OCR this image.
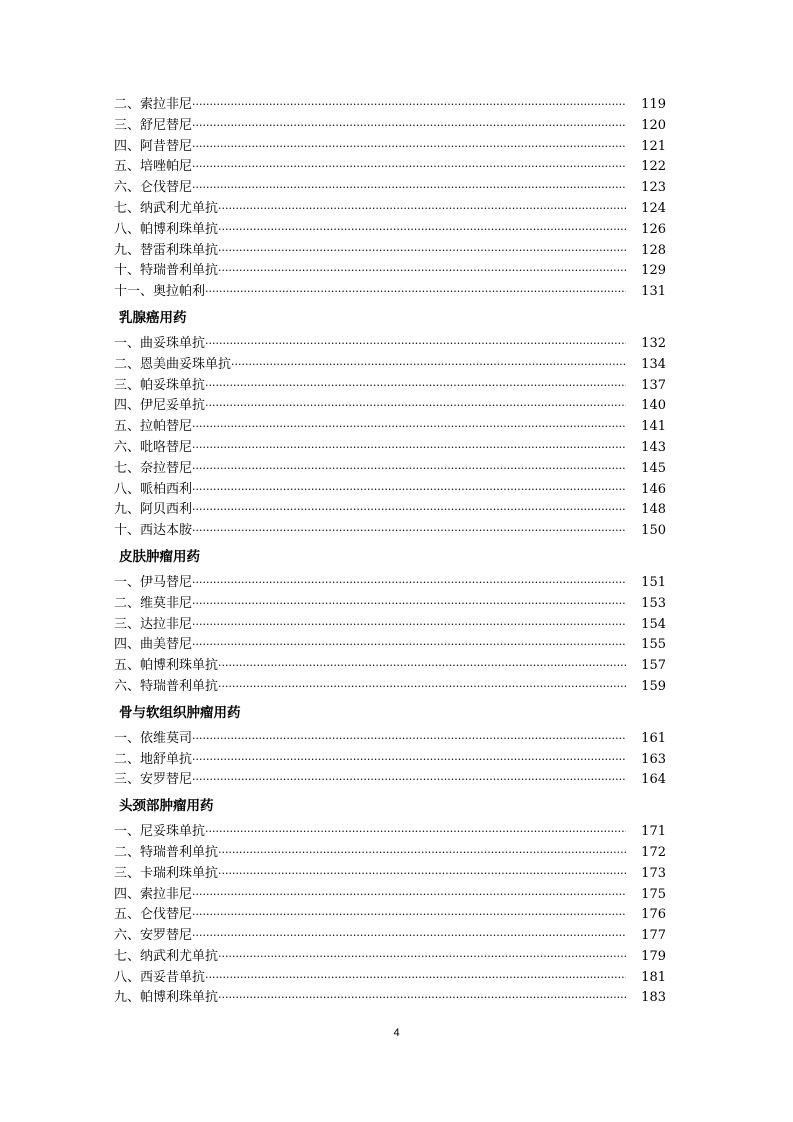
二、索拉非尼 ·····	119
三、舒尼替尼 ·····	120
四、阿昔替尼 ·····	121
五、培唑帕尼 ·····	122
六、仑伐替尼 ·····	123
七、纳武利尤单抗 ·····	124
八、帕博利珠单抗 ·····	126
九、替雷利珠单抗 ·····	128
十、特瑞普利单抗 ·····	129
十一、奥拉帕利 ·····	131
乳腺癌用药
一、曲妥珠单抗 ·····	132
二、恩美曲妥珠单抗 ·····	134
三、帕妥珠单抗 ·····	137
四、伊尼妥单抗 ·····	140
五、拉帕替尼 ·····	141
六、吡咯替尼 ·····	143
七、奈拉替尼 ·····	145
八、哌柏西利 ·····	146
九、阿贝西利 ·····	148
十、西达本胺 ·····	150
皮肤肿瘤用药
一、伊马替尼 ·····	151
二、维莫非尼 ·····	153
三、达拉非尼 ·····	154
四、曲美替尼 ·····	155
五、帕博利珠单抗 ·····	157
六、特瑞普利单抗 ·····	159
骨与软组织肿瘤用药
一、依维莫司 ·····	161
二、地舒单抗 ·····	163
三、安罗替尼 ·····	164
头颈部肿瘤用药
一、尼妥珠单抗 ·····	171
二、特瑞普利单抗 ·····	172
三、卡瑞利珠单抗 ·····	173
四、索拉非尼 ·····	175
五、仑伐替尼 ·····	176
六、安罗替尼 ·····	177
七、纳武利尤单抗 ·····	179
八、西妥昔单抗 ·····	181
九、帕博利珠单抗 ·····	183
4
